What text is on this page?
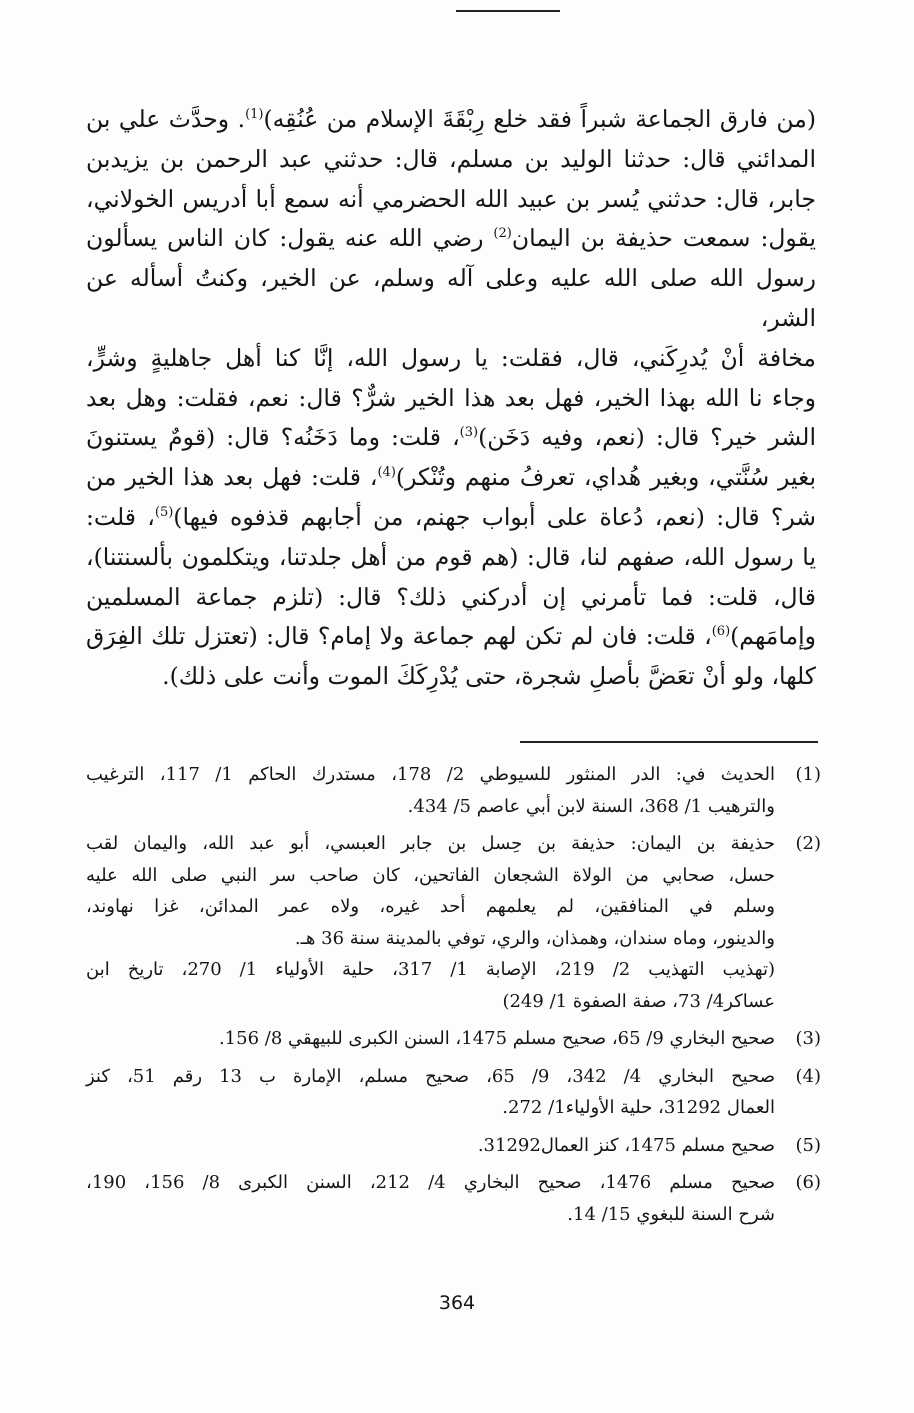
(من فارق الجماعة شبراً فقد خلع رِبْقَةَ الإسلام من عُنُقِه)$^{(1)}$. وحدَّث علي بن
المدائني قال: حدثنا الوليد بن مسلم، قال: حدثني عبد الرحمن بن يزيدبن
جابر، قال: حدثني يُسر بن عبيد الله الحضرمي أنه سمع أبا أدريس الخولاني،
يقول: سمعت حذيفة بن اليمان$^{(2)}$ رضي الله عنه يقول: كان الناس يسألون
رسول الله صلى الله عليه وعلى آله وسلم، عن الخير، وكنتُ أسأله عن الشر،
مخافة أنْ يُدرِكَني، قال، فقلت: يا رسول الله، إنَّا كنا أهل جاهليةٍ وشرٍّ،
وجاء نا الله بهذا الخير، فهل بعد هذا الخير شرٌّ؟ قال: نعم، فقلت: وهل بعد
الشر خير؟ قال: (نعم، وفيه دَخَن)$^{(3)}$، قلت: وما دَخَنُه؟ قال: (قومٌ يستنونَ
بغير سُنَّتي، وبغير هُداي، تعرفُ منهم وتُنْكر)$^{(4)}$، قلت: فهل بعد هذا الخير من
شر؟ قال: (نعم، دُعاة على أبواب جهنم، من أجابهم قذفوه فيها)$^{(5)}$، قلت:
يا رسول الله، صفهم لنا، قال: (هم قوم من أهل جلدتنا، ويتكلمون بألسنتنا)،
قال، قلت: فما تأمرني إن أدركني ذلك؟ قال: (تلزم جماعة المسلمين
وإمامَهم)$^{(6)}$، قلت: فان لم تكن لهم جماعة ولا إمام؟ قال: (تعتزل تلك الفِرَق
كلها، ولو أنْ تعَضَّ بأصلِ شجرة، حتى يُدْرِكَكَ الموت وأنت على ذلك).

(1)
الحديث في: الدر المنثور للسيوطي 2/ 178، مستدرك الحاكم 1/ 117، الترغيب
والترهيب 1/ 368، السنة لابن أبي عاصم 5/ 434.
(2)
حذيفة بن اليمان: حذيفة بن حِسل بن جابر العبسي، أبو عبد الله، واليمان لقب
حسل، صحابي من الولاة الشجعان الفاتحين، كان صاحب سر النبي صلى الله عليه
وسلم في المنافقين، لم يعلمهم أحد غيره، ولاه عمر المدائن، غزا نهاوند،
والدينور، وماه سندان، وهمذان، والري، توفي بالمدينة سنة 36 هـ.
(تهذيب التهذيب 2/ 219، الإصابة 1/ 317، حلية الأولياء 1/ 270، تاريخ ابن
عساكر4/ 73، صفة الصفوة 1/ 249)
(3)
صحيح البخاري 9/ 65، صحيح مسلم 1475، السنن الكبرى للبيهقي 8/ 156.
(4)
صحيح البخاري 4/ 342، 9/ 65، صحيح مسلم، الإمارة ب 13 رقم 51، كنز
العمال 31292، حلية الأولياء1/ 272.
(5)
صحيح مسلم 1475، كنز العمال31292.
(6)
صحيح مسلم 1476، صحيح البخاري 4/ 212، السنن الكبرى 8/ 156، 190،
شرح السنة للبغوي 15/ 14.
364
